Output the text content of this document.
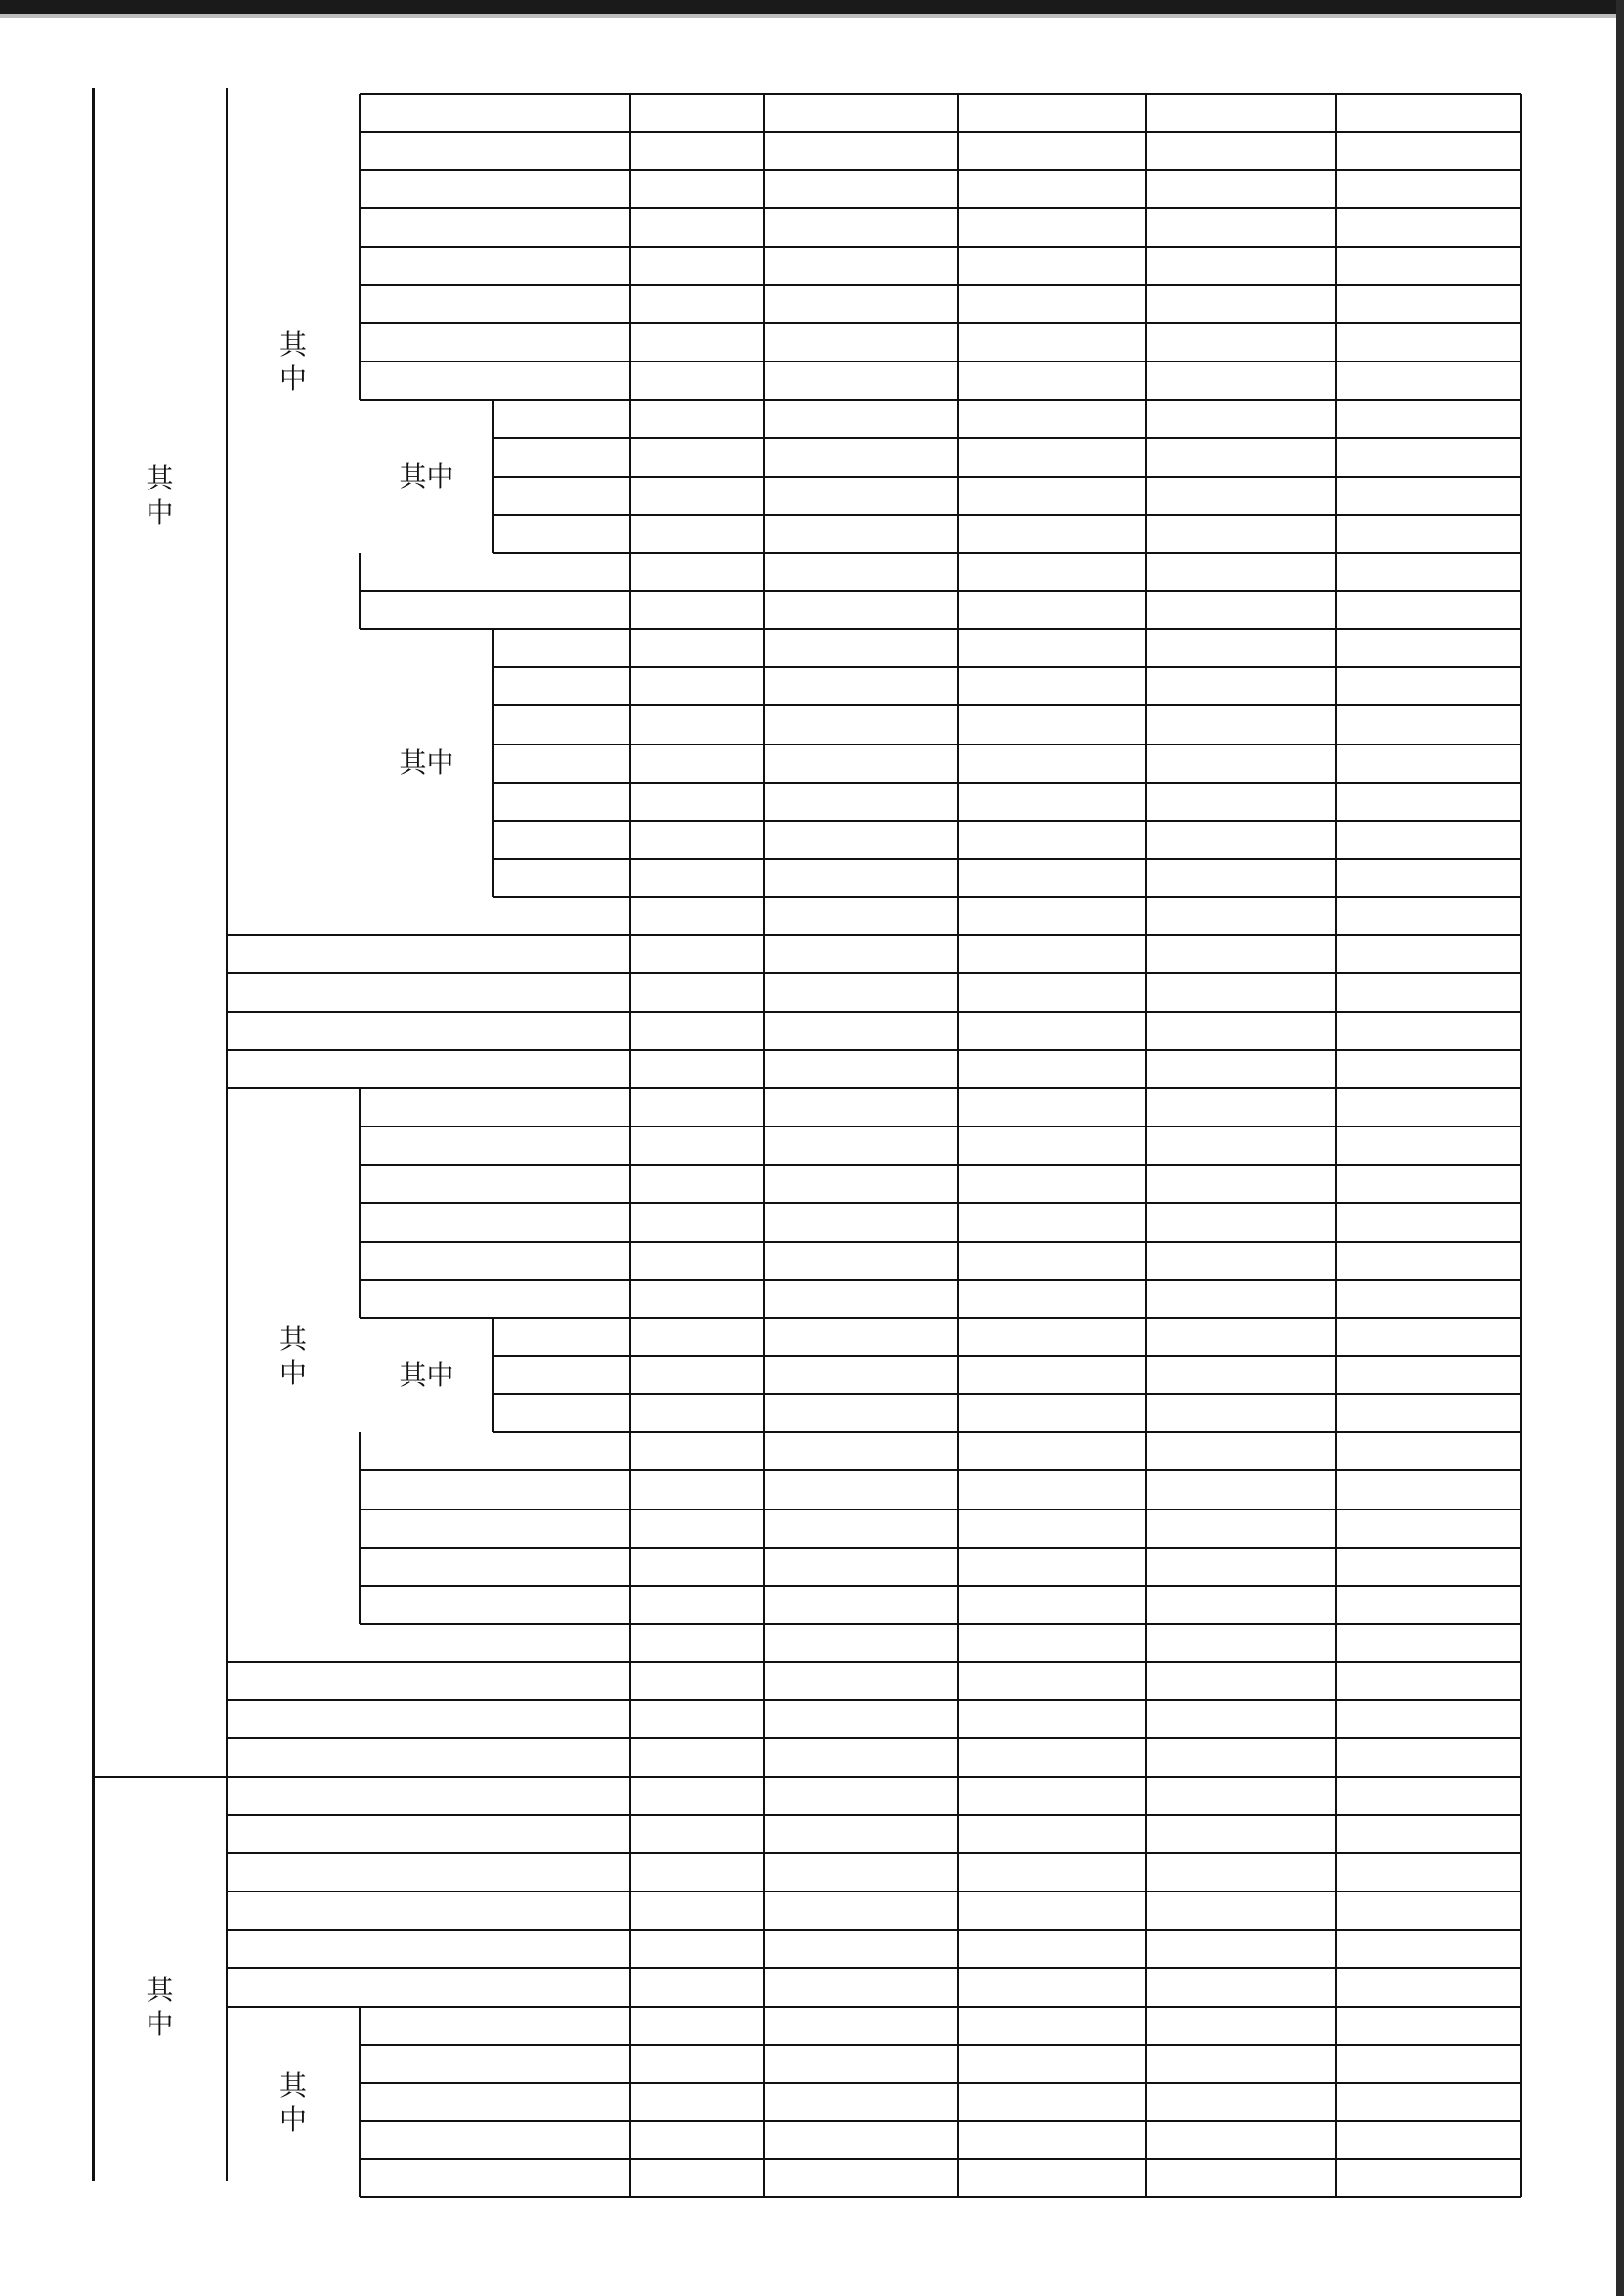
其
中
其
中
其中
其中
其
中	其中
其
中
其
中
